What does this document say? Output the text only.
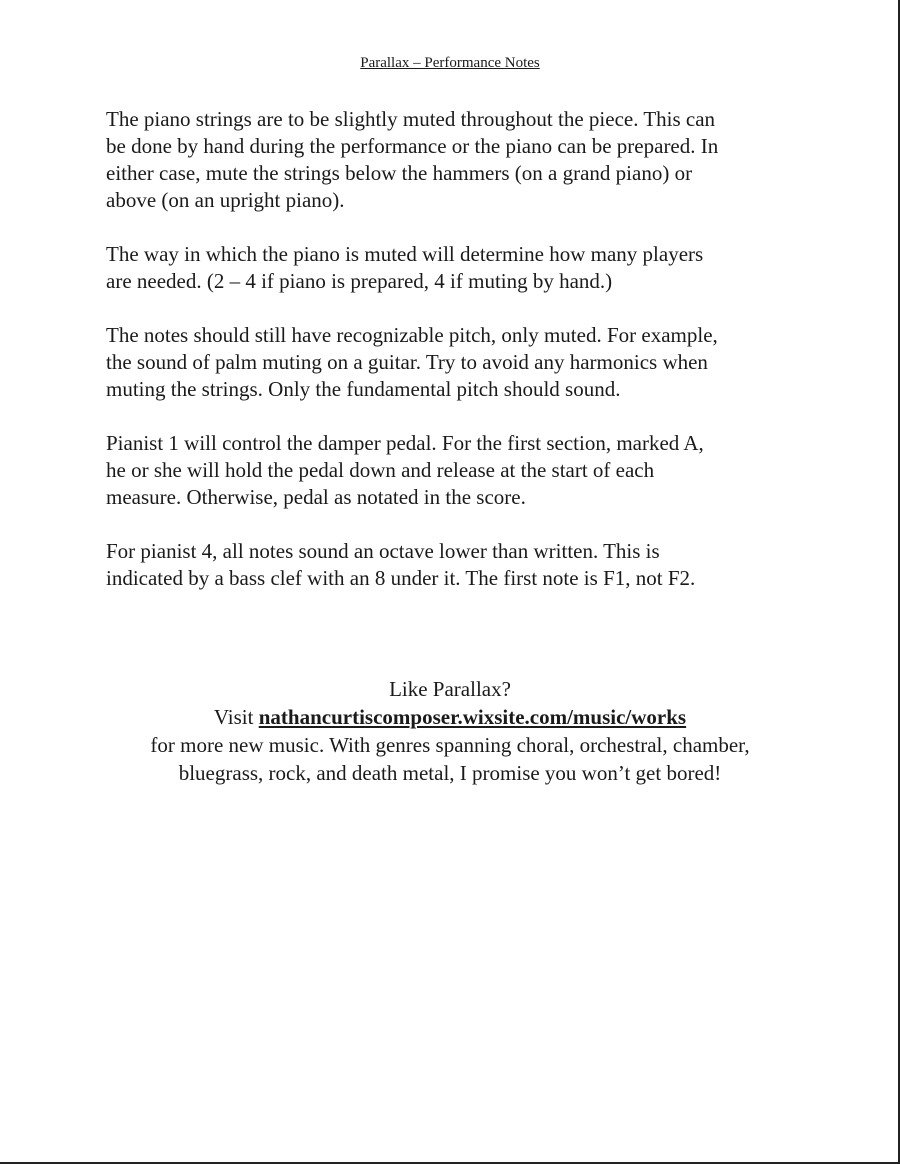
Parallax – Performance Notes

The piano strings are to be slightly muted throughout the piece. This can
be done by hand during the performance or the piano can be prepared. In
either case, mute the strings below the hammers (on a grand piano) or
above (on an upright piano).

The way in which the piano is muted will determine how many players
are needed. (2 – 4 if piano is prepared, 4 if muting by hand.)

The notes should still have recognizable pitch, only muted. For example,
the sound of palm muting on a guitar. Try to avoid any harmonics when
muting the strings. Only the fundamental pitch should sound.

Pianist 1 will control the damper pedal. For the first section, marked A,
he or she will hold the pedal down and release at the start of each
measure. Otherwise, pedal as notated in the score.

For pianist 4, all notes sound an octave lower than written. This is
indicated by a bass clef with an 8 under it. The first note is F1, not F2.

Like Parallax?
Visit nathancurtiscomposer.wixsite.com/music/works
for more new music. With genres spanning choral, orchestral, chamber,
bluegrass, rock, and death metal, I promise you won’t get bored!
